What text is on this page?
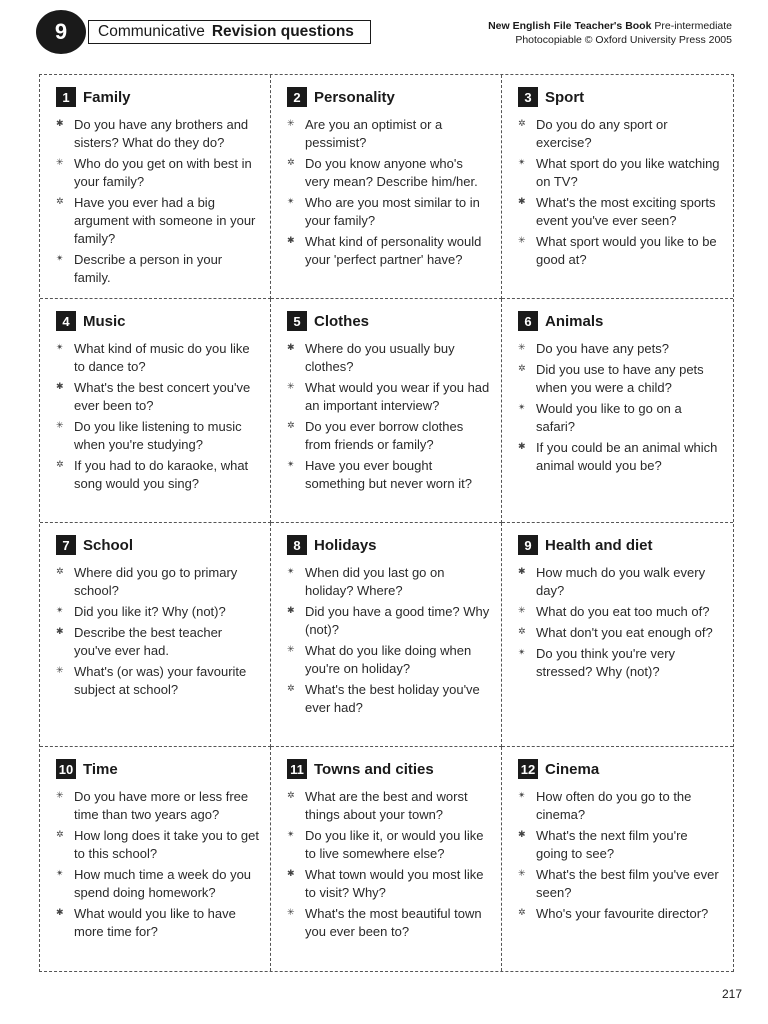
9	Communicative Revision questions	New English File Teacher's Book Pre-intermediate
Photocopiable © Oxford University Press 2005
1 Family
✱ Do you have any brothers and sisters? What do they do?
✳ Who do you get on with best in your family?
✲ Have you ever had a big argument with someone in your family?
✴ Describe a person in your family.
2 Personality
✳ Are you an optimist or a pessimist?
✲ Do you know anyone who's very mean? Describe him/her.
✴ Who are you most similar to in your family?
✱ What kind of personality would your 'perfect partner' have?
3 Sport
✲ Do you do any sport or exercise?
✴ What sport do you like watching on TV?
✱ What's the most exciting sports event you've ever seen?
✳ What sport would you like to be good at?
4 Music
✴ What kind of music do you like to dance to?
✱ What's the best concert you've ever been to?
✳ Do you like listening to music when you're studying?
✲ If you had to do karaoke, what song would you sing?
5 Clothes
✱ Where do you usually buy clothes?
✳ What would you wear if you had an important interview?
✲ Do you ever borrow clothes from friends or family?
✴ Have you ever bought something but never worn it?
6 Animals
✳ Do you have any pets?
✲ Did you use to have any pets when you were a child?
✴ Would you like to go on a safari?
✱ If you could be an animal which animal would you be?
7 School
✲ Where did you go to primary school?
✴ Did you like it? Why (not)?
✱ Describe the best teacher you've ever had.
✳ What's (or was) your favourite subject at school?
8 Holidays
✴ When did you last go on holiday? Where?
✱ Did you have a good time? Why (not)?
✳ What do you like doing when you're on holiday?
✲ What's the best holiday you've ever had?
9 Health and diet
✱ How much do you walk every day?
✳ What do you eat too much of?
✲ What don't you eat enough of?
✴ Do you think you're very stressed? Why (not)?
10 Time
✳ Do you have more or less free time than two years ago?
✲ How long does it take you to get to this school?
✴ How much time a week do you spend doing homework?
✱ What would you like to have more time for?
11 Towns and cities
✲ What are the best and worst things about your town?
✴ Do you like it, or would you like to live somewhere else?
✱ What town would you most like to visit? Why?
✳ What's the most beautiful town you ever been to?
12 Cinema
✴ How often do you go to the cinema?
✱ What's the next film you're going to see?
✳ What's the best film you've ever seen?
✲ Who's your favourite director?
217
